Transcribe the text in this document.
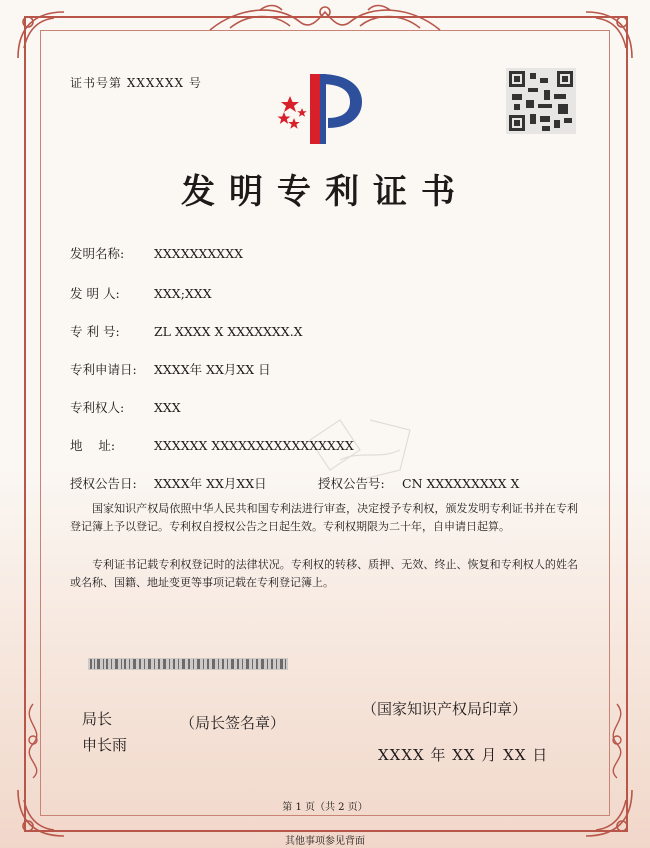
证书号第 XXXXXX 号
发明专利证书
发明名称: XXXXXXXXXX
发 明 人:	XXX;XXX
专 利 号:	ZL XXXX X XXXXXXX.X
专利申请日: XXXX年 XX月XX 日
专利权人: XXX
地    址:	XXXXXX XXXXXXXXXXXXXXXX
授权公告日: XXXX年 XX月XX日	授权公告号: CN XXXXXXXXX X
国家知识产权局依照中华人民共和国专利法进行审查，决定授予专利权，颁发发明专利证书并在专利登记簿上予以登记。专利权自授权公告之日起生效。专利权期限为二十年，自申请日起算。
专利证书记载专利权登记时的法律状况。专利权的转移、质押、无效、终止、恢复和专利权人的姓名或名称、国籍、地址变更等事项记载在专利登记簿上。
局长
申长雨
（局长签名章）
（国家知识产权局印章）
XXXX 年 XX 月 XX 日
第 1 页（共 2 页）
其他事项参见背面
